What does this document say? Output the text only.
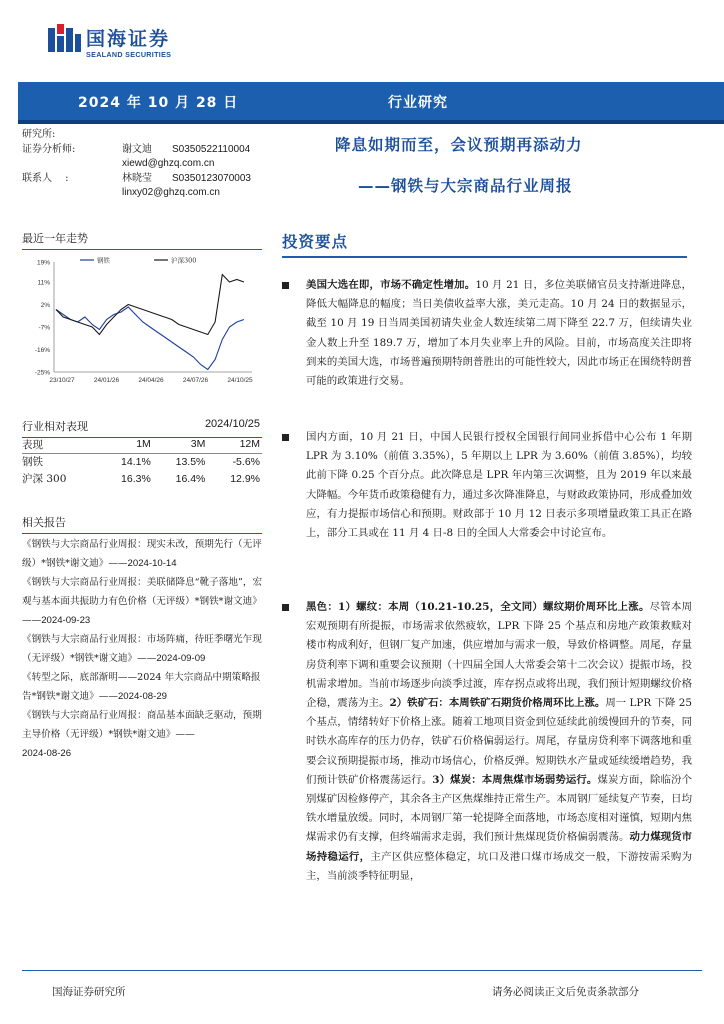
国海证券
SEALAND SECURITIES
2024 年 10 月 28 日	行业研究
研究所:
证券分析师:	谢文迪 S0350522110004
xiewd@ghzq.com.cn
联系人　 :	林晓莹 S0350123070003
linxy02@ghzq.com.cn
降息如期而至，会议预期再添动力
——钢铁与大宗商品行业周报
最近一年走势
19%
11%
2%
-7%
-16%
-25%
23/10/27	24/01/26	24/04/26	24/07/26	24/10/25
钢铁	沪深300
行业相对表现	2024/10/25
表现	1M	3M	12M
钢铁	14.1%	13.5%	-5.6%
沪深 300	16.3%	16.4%	12.9%
相关报告
《钢铁与大宗商品行业周报：现实未改，预期先行（无评级）*钢铁*谢文迪》——2024-10-14
《钢铁与大宗商品行业周报：美联储降息“靴子落地”，宏观与基本面共振助力有色价格（无评级）*钢铁*谢文迪》——2024-09-23
《钢铁与大宗商品行业周报：市场阵痛，待旺季曙光乍现（无评级）*钢铁*谢文迪》——2024-09-09
《转型之际，底部渐明——2024 年大宗商品中期策略报告*钢铁*谢文迪》——2024-08-29
《钢铁与大宗商品行业周报：商品基本面缺乏驱动，预期主导价格（无评级）*钢铁*谢文迪》——
2024-08-26
投资要点
美国大选在即，市场不确定性增加。10 月 21 日，多位美联储官员支持渐进降息，降低大幅降息的幅度；当日美债收益率大涨，美元走高。10 月 24 日的数据显示，截至 10 月 19 日当周美国初请失业金人数连续第二周下降至 22.7 万，但续请失业金人数上升至 189.7 万，增加了本月失业率上升的风险。目前，市场高度关注即将到来的美国大选，市场普遍预期特朗普胜出的可能性较大，因此市场正在围绕特朗普可能的政策进行交易。
国内方面，10 月 21 日，中国人民银行授权全国银行间同业拆借中心公布 1 年期 LPR 为 3.10%（前值 3.35%），5 年期以上 LPR 为 3.60%（前值 3.85%），均较此前下降 0.25 个百分点。此次降息是 LPR 年内第三次调整，且为 2019 年以来最大降幅。今年货币政策稳健有力，通过多次降准降息，与财政政策协同，形成叠加效应，有力提振市场信心和预期。财政部于 10 月 12 日表示多项增量政策工具正在路上，部分工具或在 11 月 4 日-8 日的全国人大常委会中讨论宣布。
黑色：1）螺纹：本周（10.21-10.25，全文同）螺纹期价周环比上涨。尽管本周宏观预期有所提振，市场需求依然疲软，LPR 下降 25 个基点和房地产政策救赎对楼市构成利好，但钢厂复产加速，供应增加与需求一般，导致价格调整。周尾，存量房贷利率下调和重要会议预期（十四届全国人大常委会第十二次会议）提振市场，投机需求增加。当前市场逐步向淡季过渡，库存拐点或将出现，我们预计短期螺纹价格企稳，震荡为主。2）铁矿石：本周铁矿石期货价格周环比上涨。周一 LPR 下降 25 个基点，情绪转好下价格上涨。随着工地项目资金到位延续此前缓慢回升的节奏，同时铁水高库存的压力仍存，铁矿石价格偏弱运行。周尾，存量房贷利率下调落地和重要会议预期提振市场，推动市场信心，价格反弹。短期铁水产量或延续缓增趋势，我们预计铁矿价格震荡运行。3）煤炭：本周焦煤市场弱势运行。煤炭方面，除临汾个别煤矿因检修停产，其余各主产区焦煤维持正常生产。本周钢厂延续复产节奏，日均铁水增量放缓。同时，本周钢厂第一轮提降全面落地，市场态度相对谨慎，短期内焦煤需求仍有支撑，但终端需求走弱，我们预计焦煤现货价格偏弱震荡。动力煤现货市场持稳运行，主产区供应整体稳定，坑口及港口煤市场成交一般，下游按需采购为主，当前淡季特征明显，
国海证券研究所	请务必阅读正文后免责条款部分
